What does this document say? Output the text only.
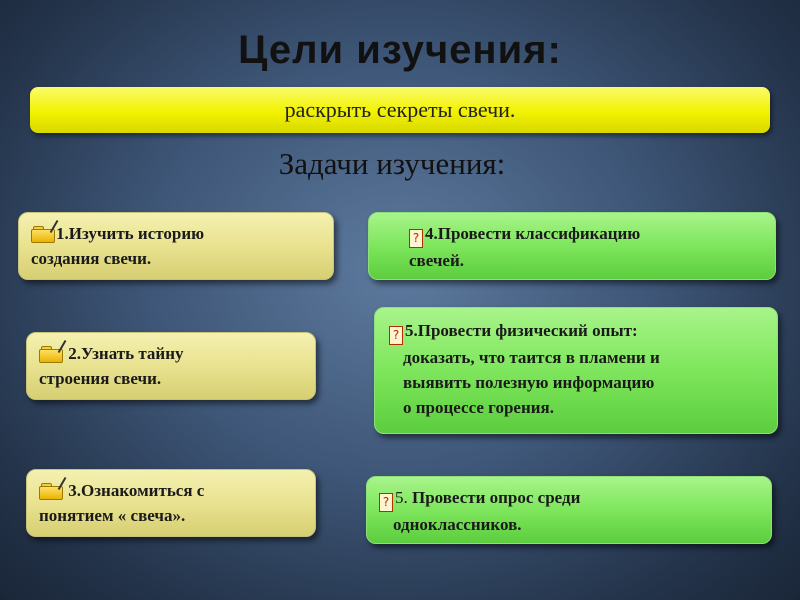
Цели изучения:
раскрыть секреты свечи.
Задачи изучения:
1.Изучить историю
создания свечи.
2.Узнать тайну
строения свечи.
3.Ознакомиться с
понятием « свеча».
? 4.Провести классификацию
свечей.
? 5.Провести физический опыт:
доказать, что таится в пламени и
выявить полезную информацию
о процессе горения.
? 5. Провести опрос среди
одноклассников.
